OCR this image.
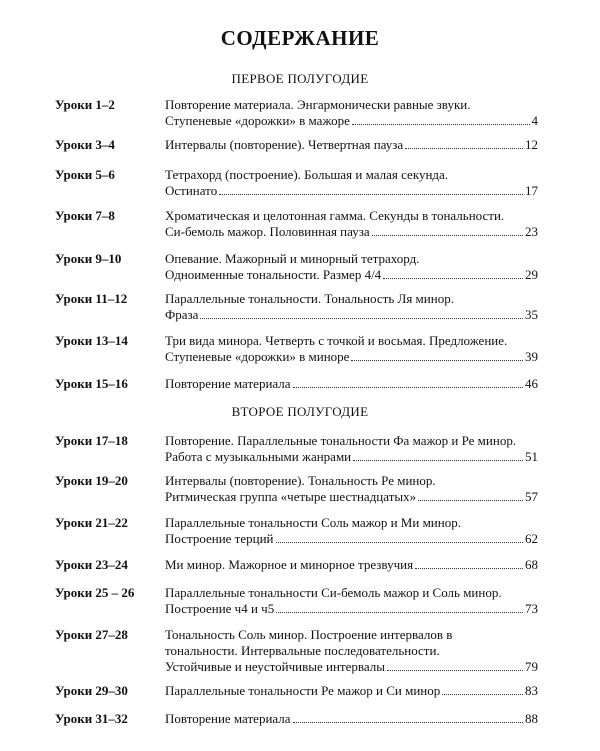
СОДЕРЖАНИЕ
ПЕРВОЕ ПОЛУГОДИЕ
Уроки 1–2	Повторение материала. Энгармонически равные звуки.
Ступеневые «дорожки» в мажоре	4
Уроки 3–4	Интервалы (повторение). Четвертная пауза	12
Уроки 5–6	Тетрахорд (построение). Большая и малая секунда.
Остинато	17
Уроки 7–8	Хроматическая и целотонная гамма. Секунды в тональности.
Си-бемоль мажор. Половинная пауза	23
Уроки 9–10	Опевание. Мажорный и минорный тетрахорд.
Одноименные тональности. Размер 4/4	29
Уроки 11–12	Параллельные тональности. Тональность Ля минор.
Фраза	35
Уроки 13–14	Три вида минора. Четверть с точкой и восьмая. Предложение.
Ступеневые «дорожки» в миноре	39
Уроки 15–16	Повторение материала	46
ВТОРОЕ ПОЛУГОДИЕ
Уроки 17–18	Повторение. Параллельные тональности Фа мажор и Ре минор.
Работа с музыкальными жанрами	51
Уроки 19–20	Интервалы (повторение). Тональность Ре минор.
Ритмическая группа «четыре шестнадцатых»	57
Уроки 21–22	Параллельные тональности Соль мажор и Ми минор.
Построение терций	62
Уроки 23–24	Ми минор. Мажорное и минорное трезвучия	68
Уроки 25 – 26 Параллельные тональности Си-бемоль мажор и Соль минор.
Построение ч4 и ч5	73
Уроки 27–28	Тональность Соль минор. Построение интервалов в
тональности. Интервальные последовательности.
Устойчивые и неустойчивые интервалы	79
Уроки 29–30	Параллельные тональности Ре мажор и Си минор	83
Уроки 31–32	Повторение материала	88
